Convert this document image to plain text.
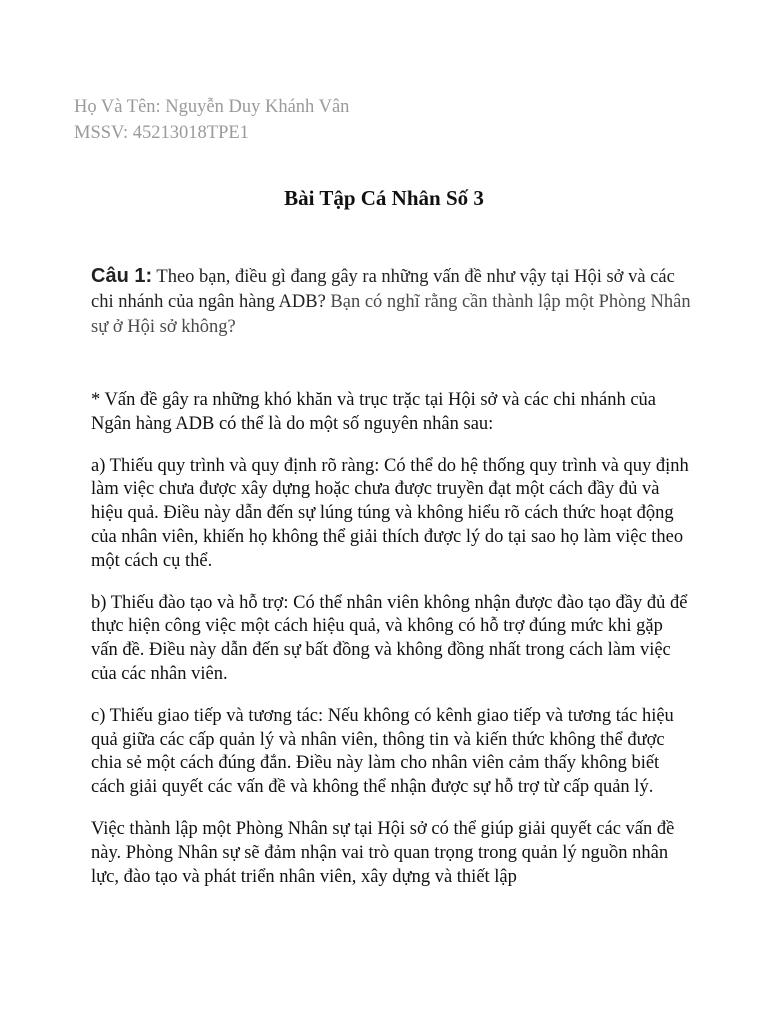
Họ Và Tên: Nguyễn Duy Khánh Vân
MSSV: 45213018TPE1
Bài Tập Cá Nhân Số 3
Câu 1: Theo bạn, điều gì đang gây ra những vấn đề như vậy tại Hội sở và các chi nhánh của ngân hàng ADB? Bạn có nghĩ rằng cần thành lập một Phòng Nhân sự ở Hội sở không?

* Vấn đề gây ra những khó khăn và trục trặc tại Hội sở và các chi nhánh của Ngân hàng ADB có thể là do một số nguyên nhân sau:

a) Thiếu quy trình và quy định rõ ràng: Có thể do hệ thống quy trình và quy định làm việc chưa được xây dựng hoặc chưa được truyền đạt một cách đầy đủ và hiệu quả. Điều này dẫn đến sự lúng túng và không hiểu rõ cách thức hoạt động của nhân viên, khiến họ không thể giải thích được lý do tại sao họ làm việc theo một cách cụ thể.

b) Thiếu đào tạo và hỗ trợ: Có thể nhân viên không nhận được đào tạo đầy đủ để thực hiện công việc một cách hiệu quả, và không có hỗ trợ đúng mức khi gặp vấn đề. Điều này dẫn đến sự bất đồng và không đồng nhất trong cách làm việc của các nhân viên.

c) Thiếu giao tiếp và tương tác: Nếu không có kênh giao tiếp và tương tác hiệu quả giữa các cấp quản lý và nhân viên, thông tin và kiến thức không thể được chia sẻ một cách đúng đắn. Điều này làm cho nhân viên cảm thấy không biết cách giải quyết các vấn đề và không thể nhận được sự hỗ trợ từ cấp quản lý.

Việc thành lập một Phòng Nhân sự tại Hội sở có thể giúp giải quyết các vấn đề này. Phòng Nhân sự sẽ đảm nhận vai trò quan trọng trong quản lý nguồn nhân lực, đào tạo và phát triển nhân viên, xây dựng và thiết lập
